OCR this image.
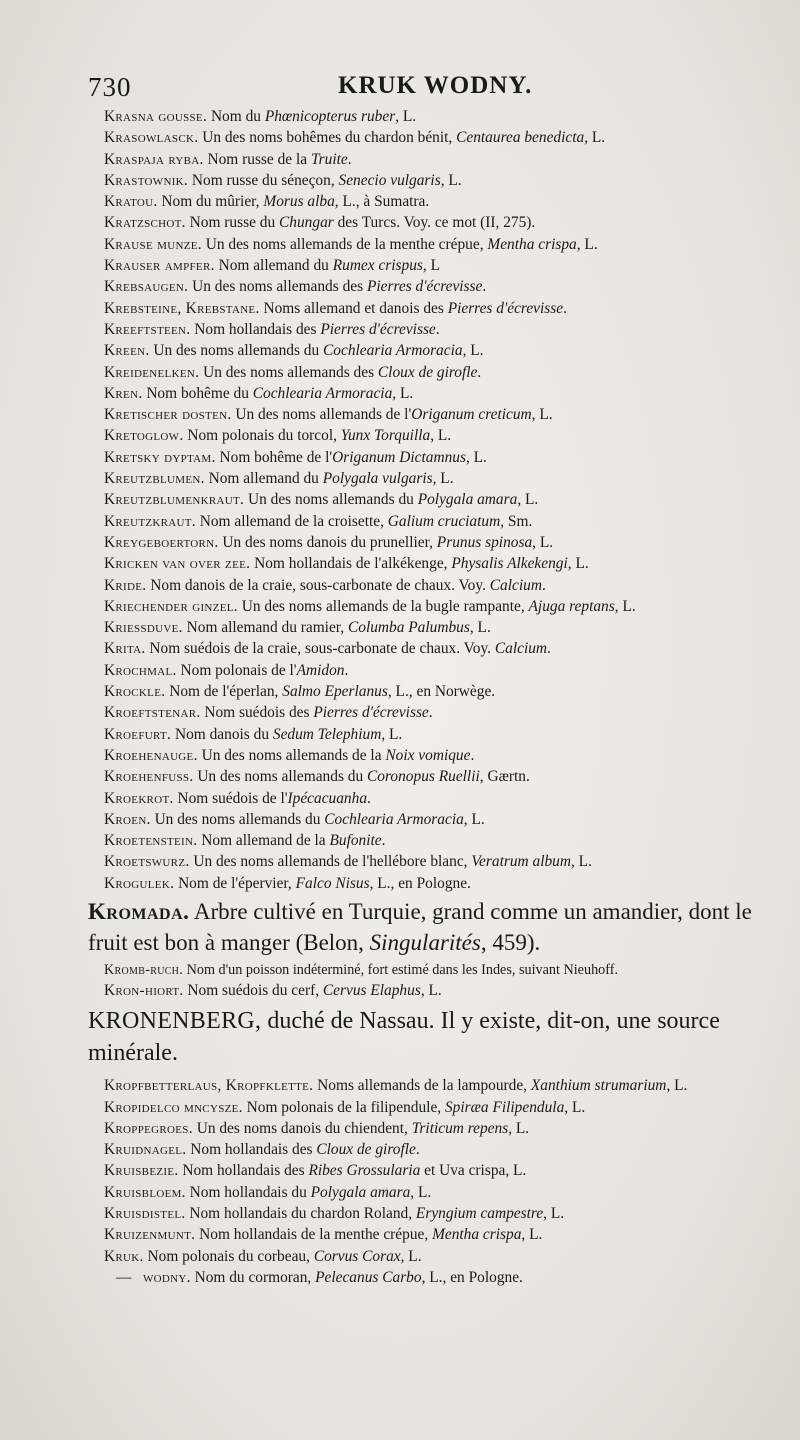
730	KRUK WODNY.
Krasna gousse. Nom du Phœnicopterus ruber, L.
Krasowlasck. Un des noms bohêmes du chardon bénit, Centaurea benedicta, L.
Kraspaja ryba. Nom russe de la Truite.
Krastownik. Nom russe du séneçon, Senecio vulgaris, L.
Kratou. Nom du mûrier, Morus alba, L., à Sumatra.
Kratzschot. Nom russe du Chungar des Turcs. Voy. ce mot (II, 275).
Krause munze. Un des noms allemands de la menthe crépue, Mentha crispa, L.
Krauser ampfer. Nom allemand du Rumex crispus, L
Krebsaugen. Un des noms allemands des Pierres d'écrevisse.
Krebsteine, Krebstane. Noms allemand et danois des Pierres d'écrevisse.
Kreeftsteen. Nom hollandais des Pierres d'écrevisse.
Kreen. Un des noms allemands du Cochlearia Armoracia, L.
Kreidenelken. Un des noms allemands des Cloux de girofle.
Kren. Nom bohême du Cochlearia Armoracia, L.
Kretischer dosten. Un des noms allemands de l'Origanum creticum, L.
Kretoglow. Nom polonais du torcol, Yunx Torquilla, L.
Kretsky dyptam. Nom bohême de l'Origanum Dictamnus, L.
Kreutzblumen. Nom allemand du Polygala vulgaris, L.
Kreutzblumenkraut. Un des noms allemands du Polygala amara, L.
Kreutzkraut. Nom allemand de la croisette, Galium cruciatum, Sm.
Kreygeboertorn. Un des noms danois du prunellier, Prunus spinosa, L.
Kricken van over zee. Nom hollandais de l'alkékenge, Physalis Alkekengi, L.
Kride. Nom danois de la craie, sous-carbonate de chaux. Voy. Calcium.
Kriechender ginzel. Un des noms allemands de la bugle rampante, Ajuga reptans, L.
Kriessduve. Nom allemand du ramier, Columba Palumbus, L.
Krita. Nom suédois de la craie, sous-carbonate de chaux. Voy. Calcium.
Krochmal. Nom polonais de l'Amidon.
Krockle. Nom de l'éperlan, Salmo Eperlanus, L., en Norwège.
Kroeftstenar. Nom suédois des Pierres d'écrevisse.
Kroefurt. Nom danois du Sedum Telephium, L.
Kroehenauge. Un des noms allemands de la Noix vomique.
Kroehenfuss. Un des noms allemands du Coronopus Ruellii, Gærtn.
Kroekrot. Nom suédois de l'Ipécacuanha.
Kroen. Un des noms allemands du Cochlearia Armoracia, L.
Kroetenstein. Nom allemand de la Bufonite.
Kroetswurz. Un des noms allemands de l'hellébore blanc, Veratrum album, L.
Krogulek. Nom de l'épervier, Falco Nisus, L., en Pologne.
Kromada. Arbre cultivé en Turquie, grand comme un amandier, dont le fruit est bon à manger (Belon, Singularités, 459).
Kromb-ruch. Nom d'un poisson indéterminé, fort estimé dans les Indes, suivant Nieuhoff.
Kron-hiort. Nom suédois du cerf, Cervus Elaphus, L.
KRONENBERG, duché de Nassau. Il y existe, dit-on, une source minérale.
Kropfbetterlaus, Kropfklette. Noms allemands de la lampourde, Xanthium strumarium, L.
Kropidelco mncysze. Nom polonais de la filipendule, Spiræa Filipendula, L.
Kroppegroes. Un des noms danois du chiendent, Triticum repens, L.
Kruidnagel. Nom hollandais des Cloux de girofle.
Kruisbezie. Nom hollandais des Ribes Grossularia et Uva crispa, L.
Kruisbloem. Nom hollandais du Polygala amara, L.
Kruisdistel. Nom hollandais du chardon Roland, Eryngium campestre, L.
Kruizenmunt. Nom hollandais de la menthe crépue, Mentha crispa, L.
Kruk. Nom polonais du corbeau, Corvus Corax, L.
— wodny. Nom du cormoran, Pelecanus Carbo, L., en Pologne.
